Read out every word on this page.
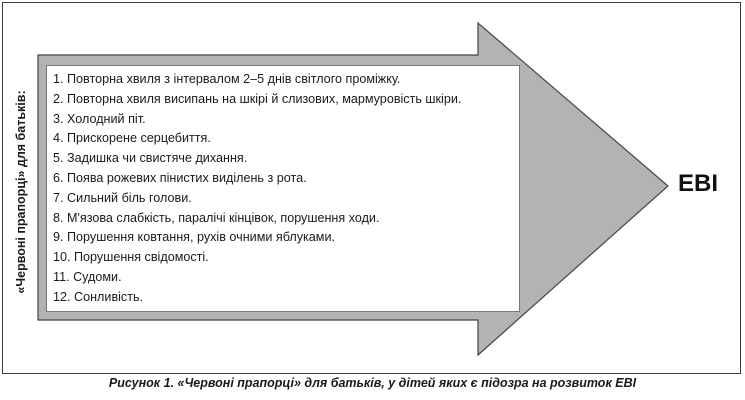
«Червоні прапорці» для батьків:
1. Повторна хвиля з інтервалом 2–5 днів світлого проміжку.
2. Повторна хвиля висипань на шкірі й слизових, мармуровість шкіри.
3. Холодний піт.
4. Прискорене серцебиття.
5. Задишка чи свистяче дихання.
6. Поява рожевих пінистих виділень з рота.
7. Сильний біль голови.
8. М'язова слабкість, паралічі кінцівок, порушення ходи.
9. Порушення ковтання, рухів очними яблуками.
10. Порушення свідомості.
11. Судоми.
12. Сонливість.
EBI
Рисунок 1. «Червоні прапорці» для батьків, у дітей яких є підозра на розвиток EBI
